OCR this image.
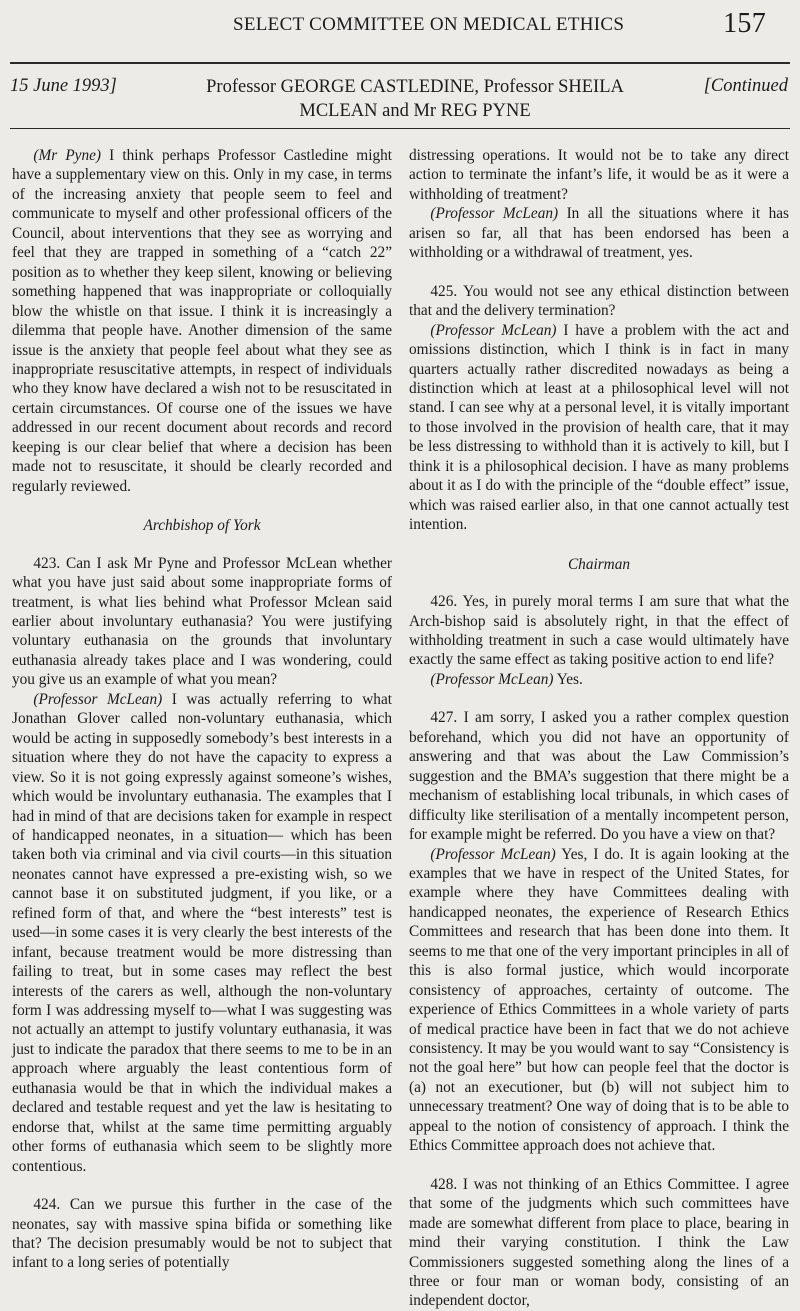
SELECT COMMITTEE ON MEDICAL ETHICS	157
15 June 1993]	Professor GEORGE CASTLEDINE, Professor SHEILA MCLEAN and Mr REG PYNE
[Continued

(Mr Pyne) I think perhaps Professor Castledine might have a supplementary view on this. Only in my case, in terms of the increasing anxiety that people seem to feel and communicate to myself and other professional officers of the Council, about interventions that they see as worrying and feel that they are trapped in something of a “catch 22” position as to whether they keep silent, knowing or believing something happened that was inappropriate or colloquially blow the whistle on that issue. I think it is increasingly a dilemma that people have. Another dimension of the same issue is the anxiety that people feel about what they see as inappropriate resuscitative attempts, in respect of individuals who they know have declared a wish not to be resuscitated in certain circumstances. Of course one of the issues we have addressed in our recent document about records and record keeping is our clear belief that where a decision has been made not to resuscitate, it should be clearly recorded and regularly reviewed.

Archbishop of York

423. Can I ask Mr Pyne and Professor McLean whether what you have just said about some inappropriate forms of treatment, is what lies behind what Professor Mclean said earlier about involuntary euthanasia? You were justifying voluntary euthanasia on the grounds that involuntary euthanasia already takes place and I was wondering, could you give us an example of what you mean?

(Professor McLean) I was actually referring to what Jonathan Glover called non-voluntary euthanasia, which would be acting in supposedly somebody’s best interests in a situation where they do not have the capacity to express a view. So it is not going expressly against someone’s wishes, which would be involuntary euthanasia. The examples that I had in mind of that are decisions taken for example in respect of handicapped neonates, in a situation— which has been taken both via criminal and via civil courts—in this situation neonates cannot have expressed a pre-existing wish, so we cannot base it on substituted judgment, if you like, or a refined form of that, and where the “best interests” test is used—in some cases it is very clearly the best interests of the infant, because treatment would be more distressing than failing to treat, but in some cases may reflect the best interests of the carers as well, although the non-voluntary form I was addressing myself to—what I was suggesting was not actually an attempt to justify voluntary euthanasia, it was just to indicate the paradox that there seems to me to be in an approach where arguably the least contentious form of euthanasia would be that in which the individual makes a declared and testable request and yet the law is hesitating to endorse that, whilst at the same time permitting arguably other forms of euthanasia which seem to be slightly more contentious.

424. Can we pursue this further in the case of the neonates, say with massive spina bifida or something like that? The decision presumably would be not to subject that infant to a long series of potentially

distressing operations. It would not be to take any direct action to terminate the infant’s life, it would be as it were a withholding of treatment?

(Professor McLean) In all the situations where it has arisen so far, all that has been endorsed has been a withholding or a withdrawal of treatment, yes.

425. You would not see any ethical distinction between that and the delivery termination?

(Professor McLean) I have a problem with the act and omissions distinction, which I think is in fact in many quarters actually rather discredited nowadays as being a distinction which at least at a philosophical level will not stand. I can see why at a personal level, it is vitally important to those involved in the provision of health care, that it may be less distressing to withhold than it is actively to kill, but I think it is a philosophical decision. I have as many problems about it as I do with the principle of the “double effect” issue, which was raised earlier also, in that one cannot actually test intention.

Chairman

426. Yes, in purely moral terms I am sure that what the Arch-bishop said is absolutely right, in that the effect of withholding treatment in such a case would ultimately have exactly the same effect as taking positive action to end life?

(Professor McLean) Yes.

427. I am sorry, I asked you a rather complex question beforehand, which you did not have an opportunity of answering and that was about the Law Commission’s suggestion and the BMA’s suggestion that there might be a mechanism of establishing local tribunals, in which cases of difficulty like sterilisation of a mentally incompetent person, for example might be referred. Do you have a view on that?

(Professor McLean) Yes, I do. It is again looking at the examples that we have in respect of the United States, for example where they have Committees dealing with handicapped neonates, the experience of Research Ethics Committees and research that has been done into them. It seems to me that one of the very important principles in all of this is also formal justice, which would incorporate consistency of approaches, certainty of outcome. The experience of Ethics Committees in a whole variety of parts of medical practice have been in fact that we do not achieve consistency. It may be you would want to say “Consistency is not the goal here” but how can people feel that the doctor is (a) not an executioner, but (b) will not subject him to unnecessary treatment? One way of doing that is to be able to appeal to the notion of consistency of approach. I think the Ethics Committee approach does not achieve that.

428. I was not thinking of an Ethics Committee. I agree that some of the judgments which such committees have made are somewhat different from place to place, bearing in mind their varying constitution. I think the Law Commissioners suggested something along the lines of a three or four man or woman body, consisting of an independent doctor,
